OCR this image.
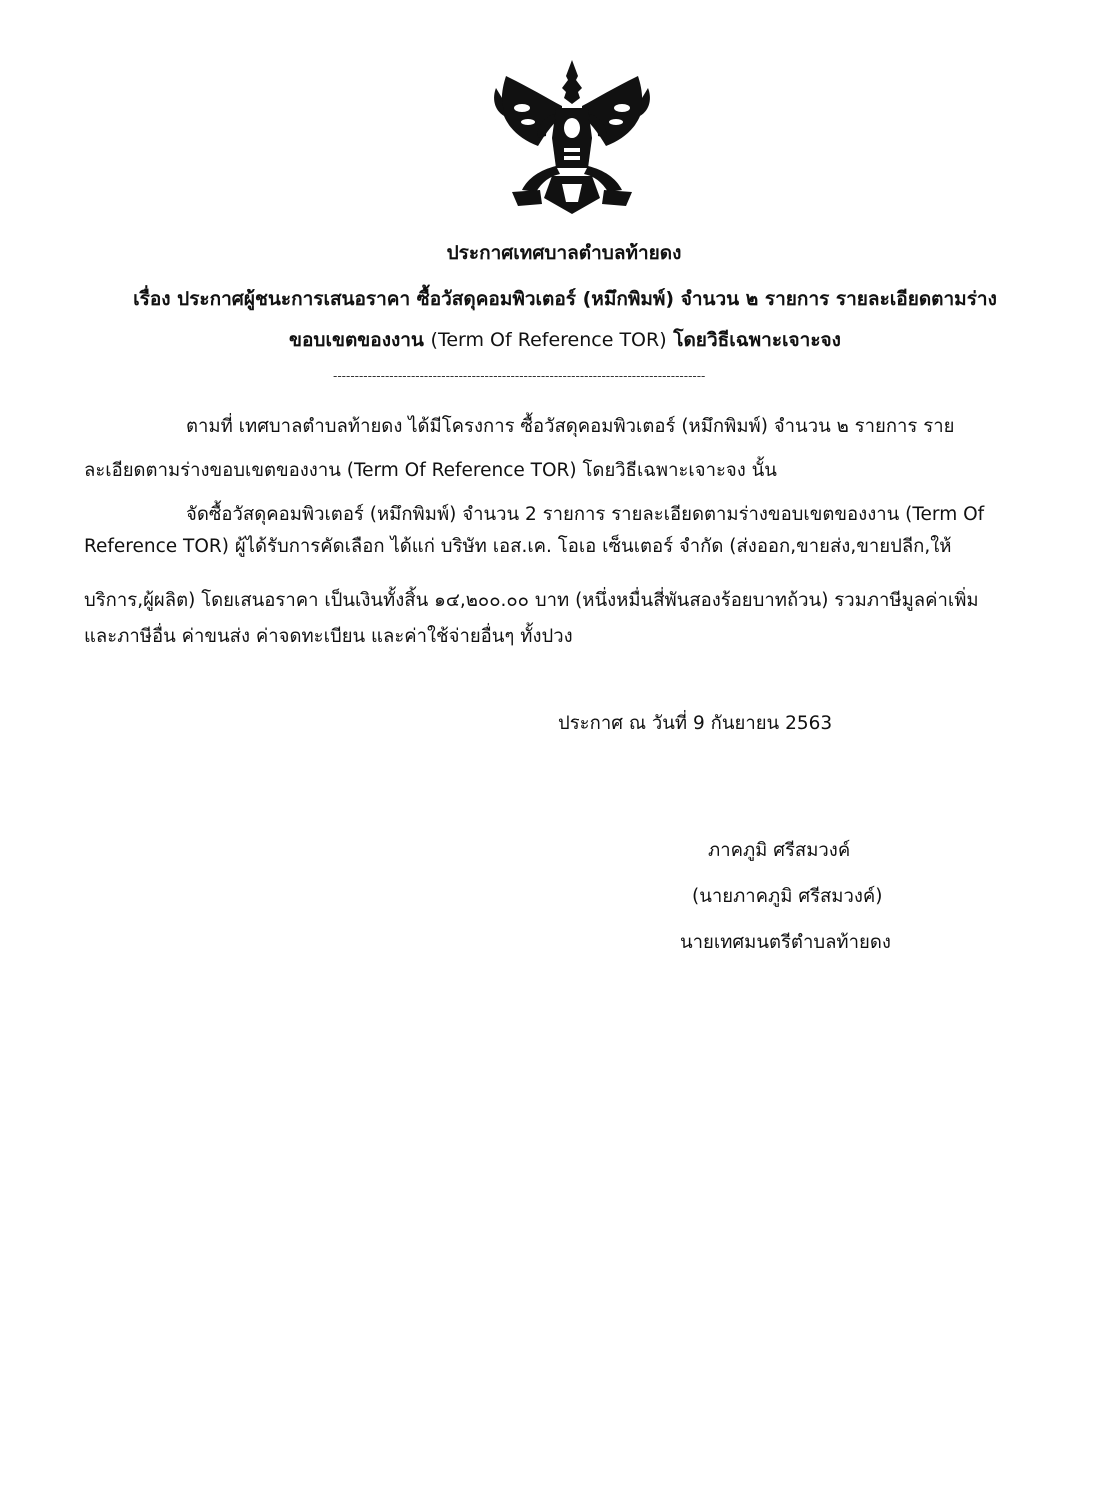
ประกาศเทศบาลตำบลท้ายดง
เรื่อง ประกาศผู้ชนะการเสนอราคา ซื้อวัสดุคอมพิวเตอร์ (หมึกพิมพ์) จำนวน ๒ รายการ รายละเอียดตามร่าง
ขอบเขตของงาน (Term Of Reference TOR) โดยวิธีเฉพาะเจาะจง
--------------------------------------------------------------------------------------
ตามที่ เทศบาลตำบลท้ายดง ได้มีโครงการ ซื้อวัสดุคอมพิวเตอร์ (หมึกพิมพ์) จำนวน ๒ รายการ ราย
ละเอียดตามร่างขอบเขตของงาน (Term Of Reference TOR) โดยวิธีเฉพาะเจาะจง นั้น
จัดซื้อวัสดุคอมพิวเตอร์ (หมึกพิมพ์) จำนวน 2 รายการ รายละเอียดตามร่างขอบเขตของงาน (Term Of
Reference TOR) ผู้ได้รับการคัดเลือก ได้แก่ บริษัท เอส.เค. โอเอ เซ็นเตอร์ จำกัด (ส่งออก,ขายส่ง,ขายปลีก,ให้
บริการ,ผู้ผลิต) โดยเสนอราคา เป็นเงินทั้งสิ้น ๑๔,๒๐๐.๐๐ บาท (หนึ่งหมื่นสี่พันสองร้อยบาทถ้วน) รวมภาษีมูลค่าเพิ่ม
และภาษีอื่น ค่าขนส่ง ค่าจดทะเบียน และค่าใช้จ่ายอื่นๆ ทั้งปวง
ประกาศ ณ วันที่ 9 กันยายน 2563
ภาคภูมิ ศรีสมวงค์
(นายภาคภูมิ ศรีสมวงค์)
นายเทศมนตรีตำบลท้ายดง
